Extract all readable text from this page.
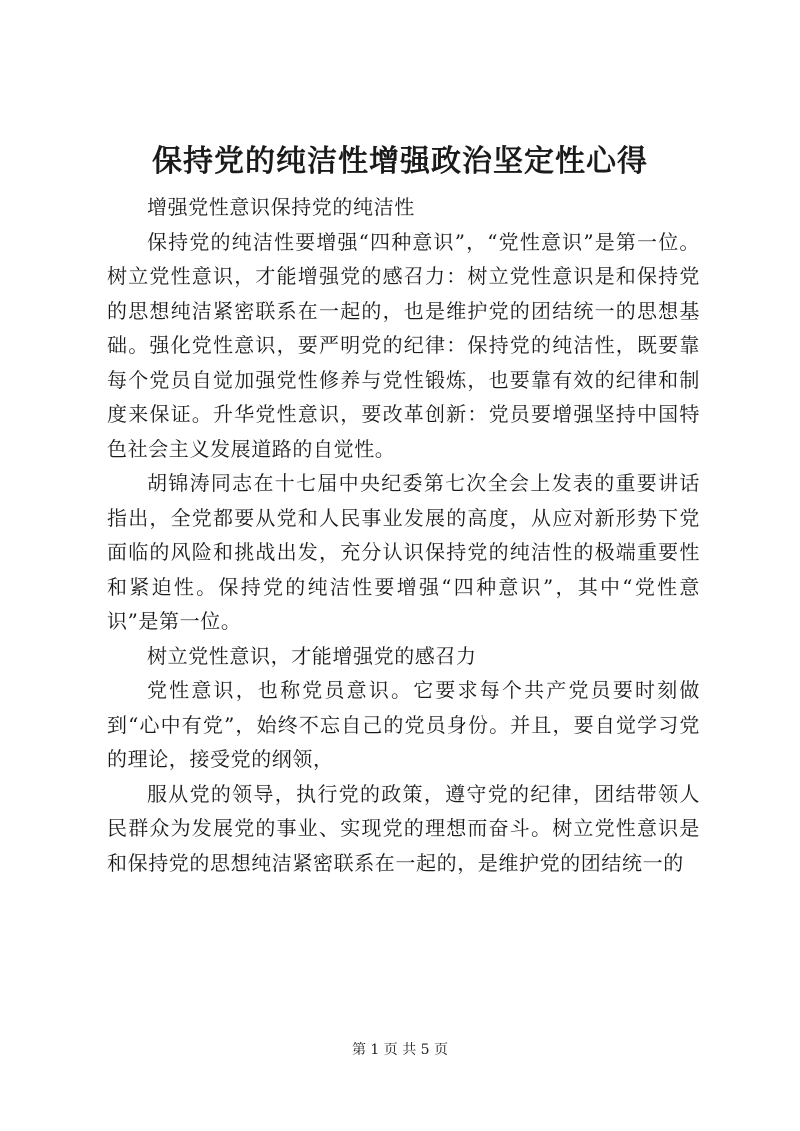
保持党的纯洁性增强政治坚定性心得

增强党性意识保持党的纯洁性

保持党的纯洁性要增强“四种意识”，“党性意识”是第一位。树立党性意识，才能增强党的感召力：树立党性意识是和保持党的思想纯洁紧密联系在一起的，也是维护党的团结统一的思想基础。强化党性意识，要严明党的纪律：保持党的纯洁性，既要靠每个党员自觉加强党性修养与党性锻炼，也要靠有效的纪律和制度来保证。升华党性意识，要改革创新：党员要增强坚持中国特色社会主义发展道路的自觉性。

胡锦涛同志在十七届中央纪委第七次全会上发表的重要讲话指出，全党都要从党和人民事业发展的高度，从应对新形势下党面临的风险和挑战出发，充分认识保持党的纯洁性的极端重要性和紧迫性。保持党的纯洁性要增强“四种意识”，其中“党性意识”是第一位。

树立党性意识，才能增强党的感召力

党性意识，也称党员意识。它要求每个共产党员要时刻做到“心中有党”，始终不忘自己的党员身份。并且，要自觉学习党的理论，接受党的纲领，

服从党的领导，执行党的政策，遵守党的纪律，团结带领人民群众为发展党的事业、实现党的理想而奋斗。树立党性意识是和保持党的思想纯洁紧密联系在一起的，是维护党的团结统一的

第 1 页 共 5 页
